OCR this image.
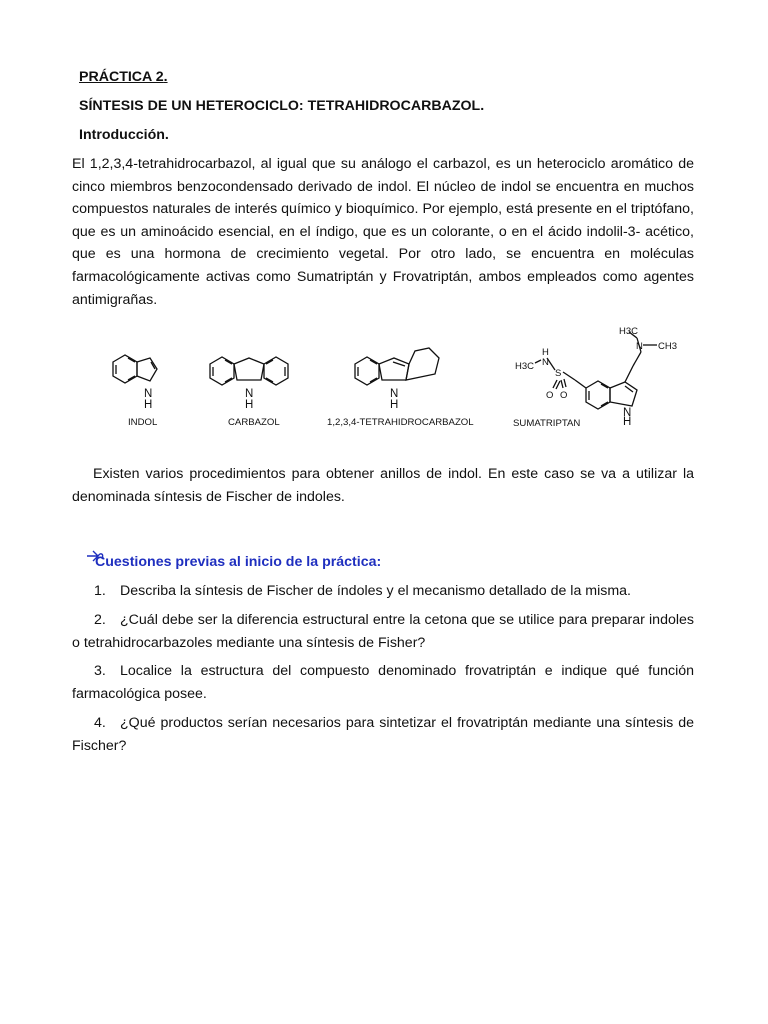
PRÁCTICA 2.
SÍNTESIS DE UN HETEROCICLO: TETRAHIDROCARBAZOL.
Introducción.
El 1,2,3,4-tetrahidrocarbazol, al igual que su análogo el carbazol, es un heterociclo aromático de cinco miembros benzocondensado derivado de indol. El núcleo de indol se encuentra en muchos compuestos naturales de interés químico y bioquímico. Por ejemplo, está presente en el triptófano, que es un aminoácido esencial, en el índigo, que es un colorante, o en el ácido indolil-3- acético, que es una hormona de crecimiento vegetal. Por otro lado, se encuentra en moléculas farmacológicamente activas como Sumatriptán y Frovatriptán, ambos empleados como agentes antimigrañas.
N
H
N
H
N
H
N
H
H
N
H3C
S
O O
N CH3
H3C
INDOL	CARBAZOL	1,2,3,4-TETRAHIDROCARBAZOL	SUMATRIPTAN
Existen varios procedimientos para obtener anillos de indol. En este caso se va a utilizar la denominada síntesis de Fischer de indoles.
Cuestiones previas al inicio de la práctica:
1. Describa la síntesis de Fischer de índoles y el mecanismo detallado de la misma.
2. ¿Cuál debe ser la diferencia estructural entre la cetona que se utilice para preparar indoles o tetrahidrocarbazoles mediante una síntesis de Fisher?
3. Localice la estructura del compuesto denominado frovatriptán e indique qué función farmacológica posee.
4. ¿Qué productos serían necesarios para sintetizar el frovatriptán mediante una síntesis de Fischer?
